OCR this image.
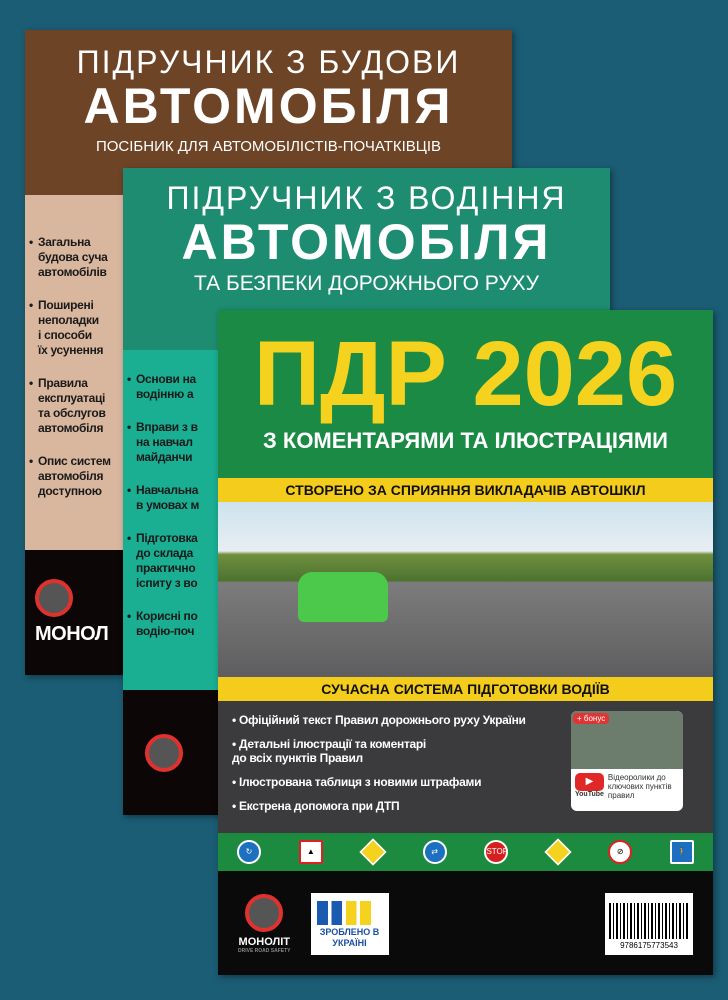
ПІДРУЧНИК З БУДОВИ
АВТОМОБІЛЯ
ПОСІБНИК ДЛЯ АВТОМОБІЛІСТІВ-ПОЧАТКІВЦІВ
• Загальна
будова суча
автомобілів
• Поширені
неполадки
і способи
їх усунення
• Правила
експлуатаці
та обслугов
автомобіля
• Опис систем
автомобіля
доступною
МОНОЛ
ПІДРУЧНИК З ВОДІННЯ
АВТОМОБІЛЯ
ТА БЕЗПЕКИ ДОРОЖНЬОГО РУХУ
• Основи на
водінню а
• Вправи з в
на навчал
майданчи
• Навчальна
в умовах м
• Підготовка
до склада
практично
іспиту з во
• Корисні по
водію-поч
ПДР 2026
З КОМЕНТАРЯМИ ТА ІЛЮСТРАЦІЯМИ
СТВОРЕНО ЗА СПРИЯННЯ ВИКЛАДАЧІВ АВТОШКІЛ
СУЧАСНА СИСТЕМА ПІДГОТОВКИ ВОДІЇВ
• Офіційний текст Правил дорожнього руху України
• Детальні ілюстрації та коментарі
до всіх пунктів Правил
• Ілюстрована таблиця з новими штрафами
• Екстрена допомога при ДТП
+ бонус
▶
YouTube
Відеоролики до ключових пунктів правил
↻	▲	⇄	STOP	⊘	🚶
МОНОЛІТ
DRIVE ROAD SAFETY
ЗРОБЛЕНО В УКРАЇНІ	9786175773543
